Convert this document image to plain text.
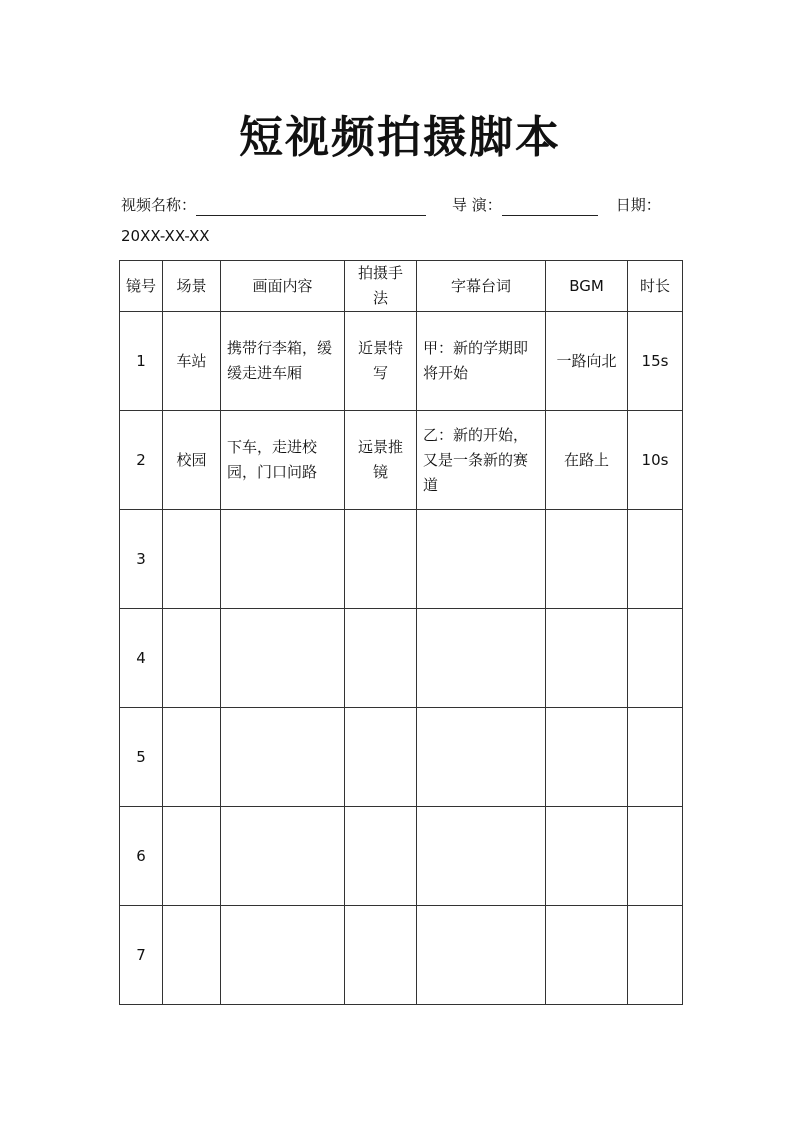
短视频拍摄脚本
视频名称：	导 演：	日期：
20XX-XX-XX
镜号	场景	画面内容	拍摄手法	字幕台词	BGM	时长
1	车站	携带行李箱，缓缓走进车厢	近景特写	甲：新的学期即将开始	一路向北	15s
2	校园	下车，走进校园，门口问路	远景推镜	乙：新的开始，又是一条新的赛道	在路上	10s
3						
4						
5						
6						
7						
